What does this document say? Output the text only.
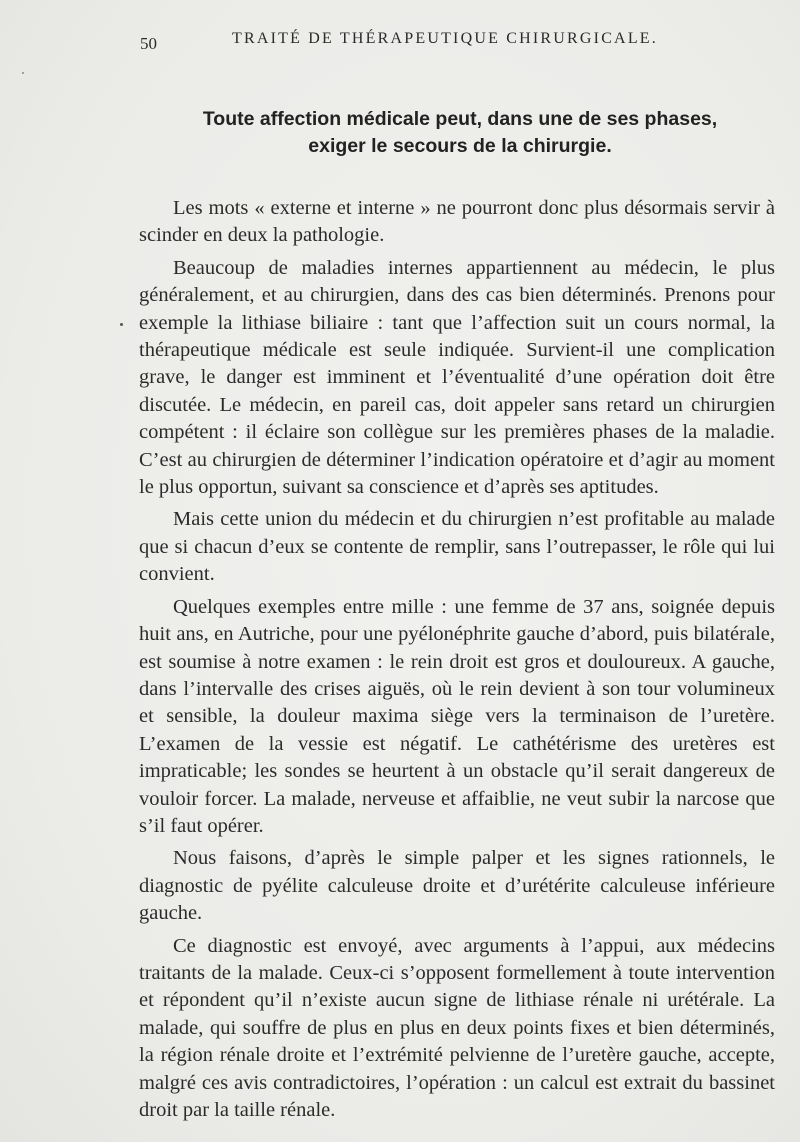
50	TRAITÉ DE THÉRAPEUTIQUE CHIRURGICALE.
Toute affection médicale peut, dans une de ses phases,
exiger le secours de la chirurgie.

Les mots « externe et interne » ne pourront donc plus désormais servir à scinder en deux la pathologie.

Beaucoup de maladies internes appartiennent au médecin, le plus généralement, et au chirurgien, dans des cas bien déterminés. Prenons pour exemple la lithiase biliaire : tant que l’affection suit un cours normal, la thérapeutique médicale est seule indiquée. Survient-il une complication grave, le danger est imminent et l’éventualité d’une opération doit être discutée. Le médecin, en pareil cas, doit appeler sans retard un chirurgien compétent : il éclaire son collègue sur les premières phases de la maladie. C’est au chirurgien de déterminer l’indication opératoire et d’agir au moment le plus opportun, suivant sa conscience et d’après ses aptitudes.

Mais cette union du médecin et du chirurgien n’est profitable au malade que si chacun d’eux se contente de remplir, sans l’outrepasser, le rôle qui lui convient.

Quelques exemples entre mille : une femme de 37 ans, soignée depuis huit ans, en Autriche, pour une pyélonéphrite gauche d’abord, puis bilatérale, est soumise à notre examen : le rein droit est gros et douloureux. A gauche, dans l’intervalle des crises aiguës, où le rein devient à son tour volumineux et sensible, la douleur maxima siège vers la terminaison de l’uretère. L’examen de la vessie est négatif. Le cathétérisme des uretères est impraticable; les sondes se heurtent à un obstacle qu’il serait dangereux de vouloir forcer. La malade, nerveuse et affaiblie, ne veut subir la narcose que s’il faut opérer.

Nous faisons, d’après le simple palper et les signes rationnels, le diagnostic de pyélite calculeuse droite et d’urétérite calculeuse inférieure gauche.

Ce diagnostic est envoyé, avec arguments à l’appui, aux médecins traitants de la malade. Ceux-ci s’opposent formellement à toute intervention et répondent qu’il n’existe aucun signe de lithiase rénale ni urétérale. La malade, qui souffre de plus en plus en deux points fixes et bien déterminés, la région rénale droite et l’extrémité pelvienne de l’uretère gauche, accepte, malgré ces avis contradictoires, l’opération : un calcul est extrait du bassinet droit par la taille rénale.
